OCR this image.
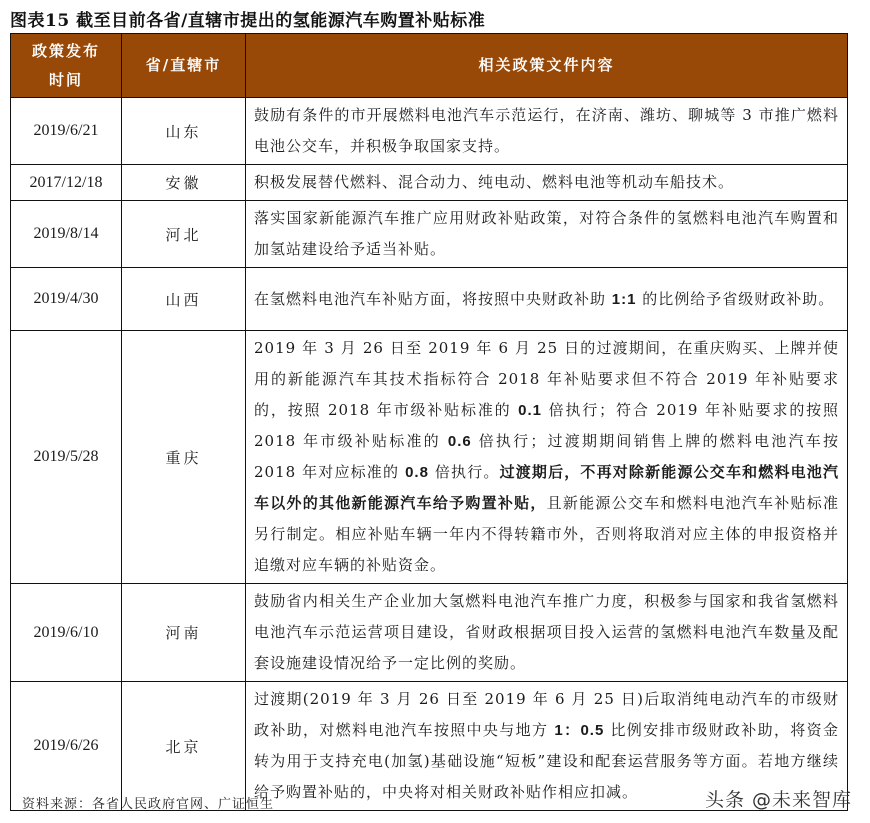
图表15 截至目前各省/直辖市提出的氢能源汽车购置补贴标准
政策发布
时间	省/直辖市	相关政策文件内容
2019/6/21	山东	鼓励有条件的市开展燃料电池汽车示范运行，在济南、潍坊、聊城等 3 市推广燃料电池公交车，并积极争取国家支持。
2017/12/18	安徽	积极发展替代燃料、混合动力、纯电动、燃料电池等机动车船技术。
2019/8/14	河北	落实国家新能源汽车推广应用财政补贴政策，对符合条件的氢燃料电池汽车购置和加氢站建设给予适当补贴。
2019/4/30	山西	在氢燃料电池汽车补贴方面，将按照中央财政补助 1:1 的比例给予省级财政补助。
2019/5/28	重庆	2019 年 3 月 26 日至 2019 年 6 月 25 日的过渡期间，在重庆购买、上牌并使用的新能源汽车其技术指标符合 2018 年补贴要求但不符合 2019 年补贴要求的，按照 2018 年市级补贴标准的 0.1 倍执行；符合 2019 年补贴要求的按照 2018 年市级补贴标准的 0.6 倍执行；过渡期期间销售上牌的燃料电池汽车按 2018 年对应标准的 0.8 倍执行。过渡期后，不再对除新能源公交车和燃料电池汽车以外的其他新能源汽车给予购置补贴，且新能源公交车和燃料电池汽车补贴标准另行制定。相应补贴车辆一年内不得转籍市外，否则将取消对应主体的申报资格并追缴对应车辆的补贴资金。
2019/6/10	河南	鼓励省内相关生产企业加大氢燃料电池汽车推广力度，积极参与国家和我省氢燃料电池汽车示范运营项目建设，省财政根据项目投入运营的氢燃料电池汽车数量及配套设施建设情况给予一定比例的奖励。
2019/6/26	北京	过渡期(2019 年 3 月 26 日至 2019 年 6 月 25 日)后取消纯电动汽车的市级财政补助，对燃料电池汽车按照中央与地方 1：0.5 比例安排市级财政补助，将资金转为用于支持充电(加氢)基础设施“短板”建设和配套运营服务等方面。若地方继续给予购置补贴的，中央将对相关财政补贴作相应扣减。
资料来源：各省人民政府官网、广证恒生	头条 @未来智库
